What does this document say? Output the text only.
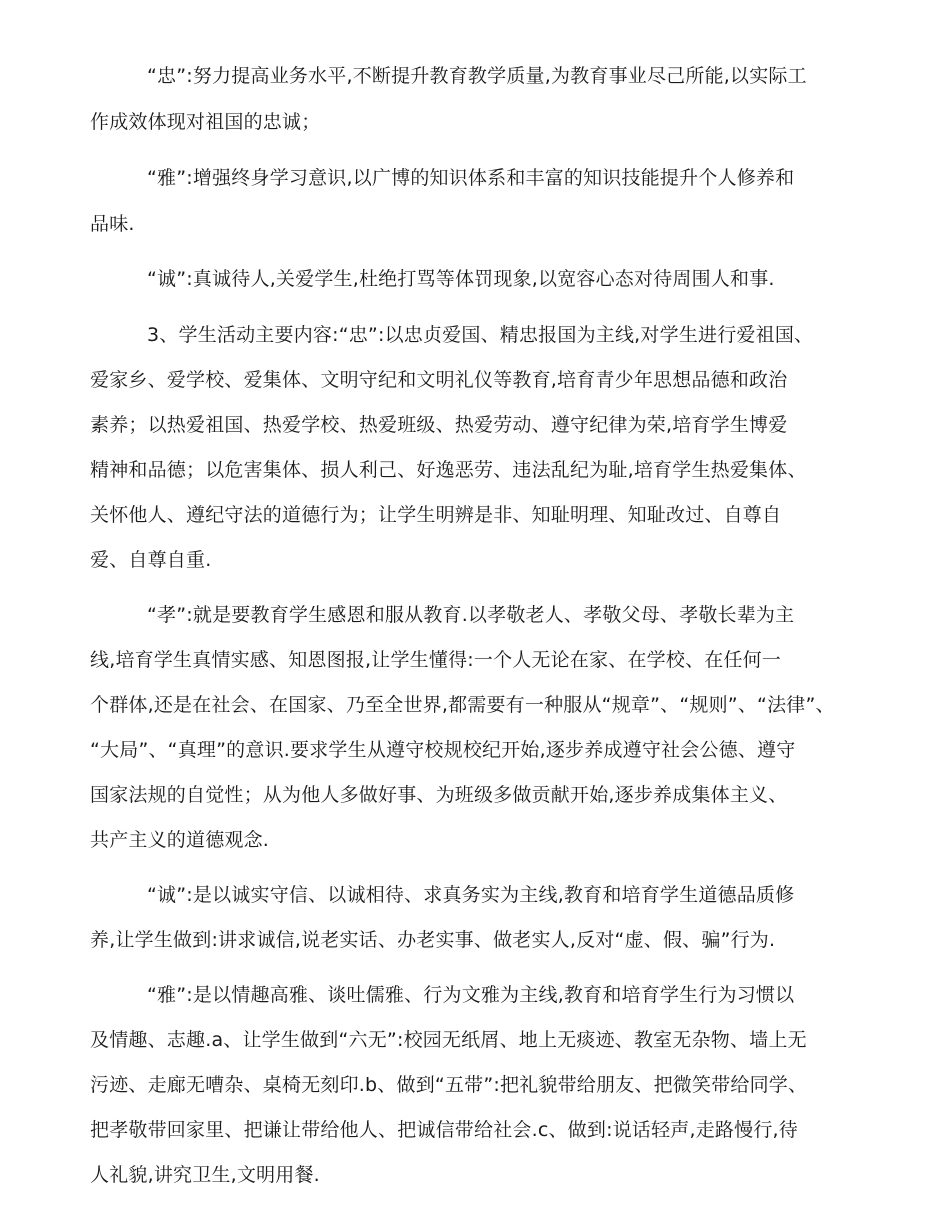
“忠”:努力提高业务水平,不断提升教育教学质量,为教育事业尽己所能,以实际工
作成效体现对祖国的忠诚；
“雅”:增强终身学习意识,以广博的知识体系和丰富的知识技能提升个人修养和
品味.
“诚”:真诚待人,关爱学生,杜绝打骂等体罚现象,以宽容心态对待周围人和事.
3、学生活动主要内容:“忠”:以忠贞爱国、精忠报国为主线,对学生进行爱祖国、
爱家乡、爱学校、爱集体、文明守纪和文明礼仪等教育,培育青少年思想品德和政治
素养；以热爱祖国、热爱学校、热爱班级、热爱劳动、遵守纪律为荣,培育学生博爱
精神和品德；以危害集体、损人利己、好逸恶劳、违法乱纪为耻,培育学生热爱集体、
关怀他人、遵纪守法的道德行为；让学生明辨是非、知耻明理、知耻改过、自尊自
爱、自尊自重.
“孝”:就是要教育学生感恩和服从教育.以孝敬老人、孝敬父母、孝敬长辈为主
线,培育学生真情实感、知恩图报,让学生懂得:一个人无论在家、在学校、在任何一
个群体,还是在社会、在国家、乃至全世界,都需要有一种服从“规章”、“规则”、“法律”、
“大局”、“真理”的意识.要求学生从遵守校规校纪开始,逐步养成遵守社会公德、遵守
国家法规的自觉性；从为他人多做好事、为班级多做贡献开始,逐步养成集体主义、
共产主义的道德观念.
“诚”:是以诚实守信、以诚相待、求真务实为主线,教育和培育学生道德品质修
养,让学生做到:讲求诚信,说老实话、办老实事、做老实人,反对“虚、假、骗”行为.
“雅”:是以情趣高雅、谈吐儒雅、行为文雅为主线,教育和培育学生行为习惯以
及情趣、志趣.a、让学生做到“六无”:校园无纸屑、地上无痰迹、教室无杂物、墙上无
污迹、走廊无嘈杂、桌椅无刻印.b、做到“五带”:把礼貌带给朋友、把微笑带给同学、
把孝敬带回家里、把谦让带给他人、把诚信带给社会.c、做到:说话轻声,走路慢行,待
人礼貌,讲究卫生,文明用餐.
